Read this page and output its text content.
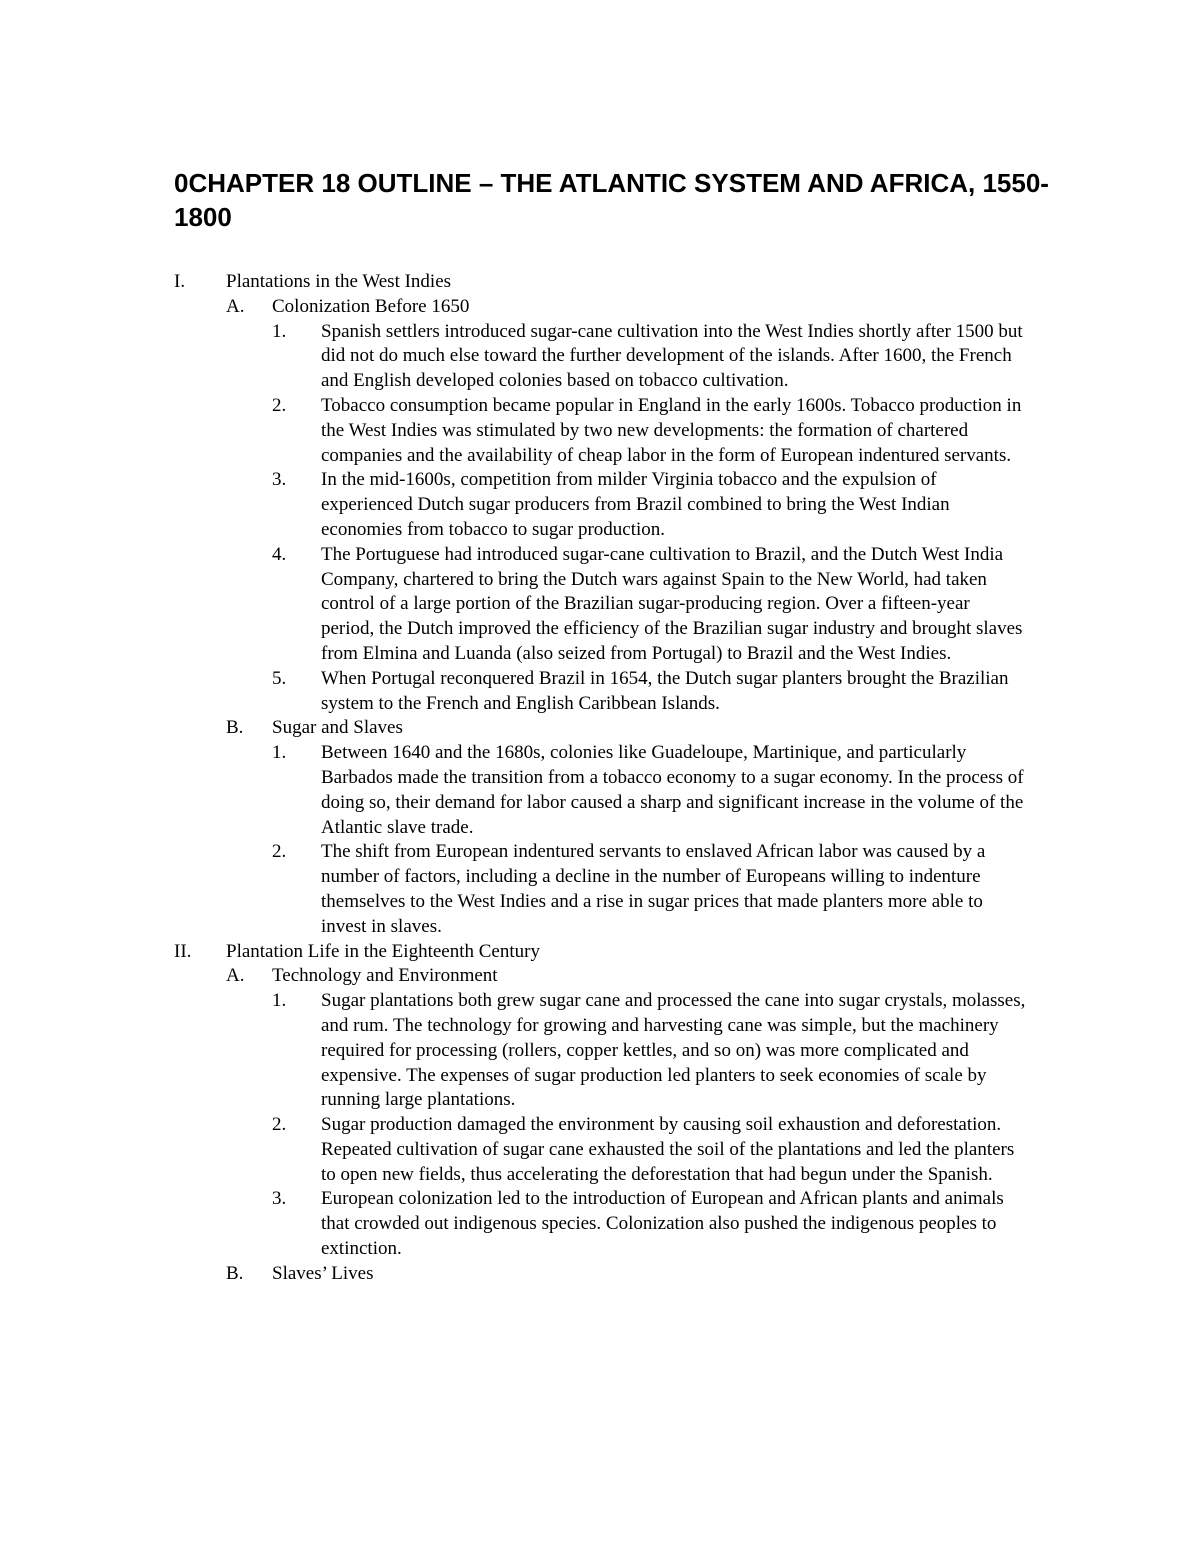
0CHAPTER 18 OUTLINE – THE ATLANTIC SYSTEM AND AFRICA, 1550-1800
I. Plantations in the West Indies
A. Colonization Before 1650
1. Spanish settlers introduced sugar-cane cultivation into the West Indies shortly after 1500 but did not do much else toward the further development of the islands. After 1600, the French and English developed colonies based on tobacco cultivation.
2. Tobacco consumption became popular in England in the early 1600s. Tobacco production in the West Indies was stimulated by two new developments: the formation of chartered companies and the availability of cheap labor in the form of European indentured servants.
3. In the mid-1600s, competition from milder Virginia tobacco and the expulsion of experienced Dutch sugar producers from Brazil combined to bring the West Indian economies from tobacco to sugar production.
4. The Portuguese had introduced sugar-cane cultivation to Brazil, and the Dutch West India Company, chartered to bring the Dutch wars against Spain to the New World, had taken control of a large portion of the Brazilian sugar-producing region. Over a fifteen-year period, the Dutch improved the efficiency of the Brazilian sugar industry and brought slaves from Elmina and Luanda (also seized from Portugal) to Brazil and the West Indies.
5. When Portugal reconquered Brazil in 1654, the Dutch sugar planters brought the Brazilian system to the French and English Caribbean Islands.
B. Sugar and Slaves
1. Between 1640 and the 1680s, colonies like Guadeloupe, Martinique, and particularly Barbados made the transition from a tobacco economy to a sugar economy. In the process of doing so, their demand for labor caused a sharp and significant increase in the volume of the Atlantic slave trade.
2. The shift from European indentured servants to enslaved African labor was caused by a number of factors, including a decline in the number of Europeans willing to indenture themselves to the West Indies and a rise in sugar prices that made planters more able to invest in slaves.
II. Plantation Life in the Eighteenth Century
A. Technology and Environment
1. Sugar plantations both grew sugar cane and processed the cane into sugar crystals, molasses, and rum. The technology for growing and harvesting cane was simple, but the machinery required for processing (rollers, copper kettles, and so on) was more complicated and expensive. The expenses of sugar production led planters to seek economies of scale by running large plantations.
2. Sugar production damaged the environment by causing soil exhaustion and deforestation. Repeated cultivation of sugar cane exhausted the soil of the plantations and led the planters to open new fields, thus accelerating the deforestation that had begun under the Spanish.
3. European colonization led to the introduction of European and African plants and animals that crowded out indigenous species. Colonization also pushed the indigenous peoples to extinction.
B. Slaves’ Lives
